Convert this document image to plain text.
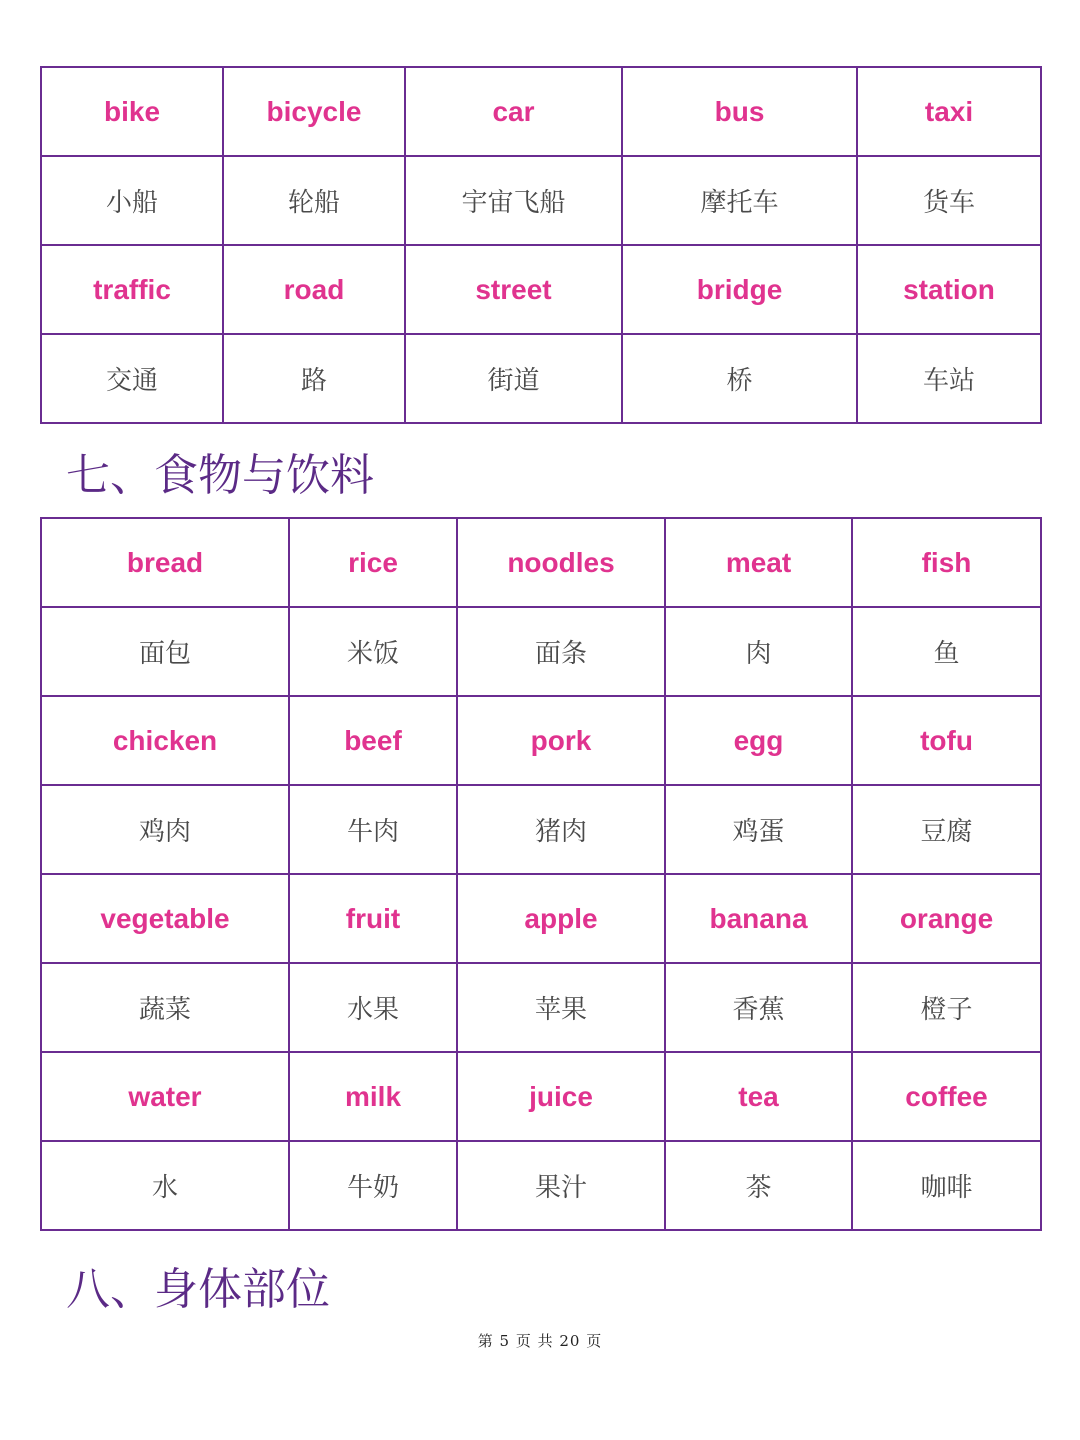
bike	bicycle	car	bus	taxi
小船	轮船	宇宙飞船	摩托车	货车
traffic	road	street	bridge	station
交通	路	街道	桥	车站
七、食物与饮料
bread	rice	noodles	meat	fish
面包	米饭	面条	肉	鱼
chicken	beef	pork	egg	tofu
鸡肉	牛肉	猪肉	鸡蛋	豆腐
vegetable	fruit	apple	banana	orange
蔬菜	水果	苹果	香蕉	橙子
water	milk	juice	tea	coffee
水	牛奶	果汁	茶	咖啡
八、身体部位
第 5 页 共 20 页
